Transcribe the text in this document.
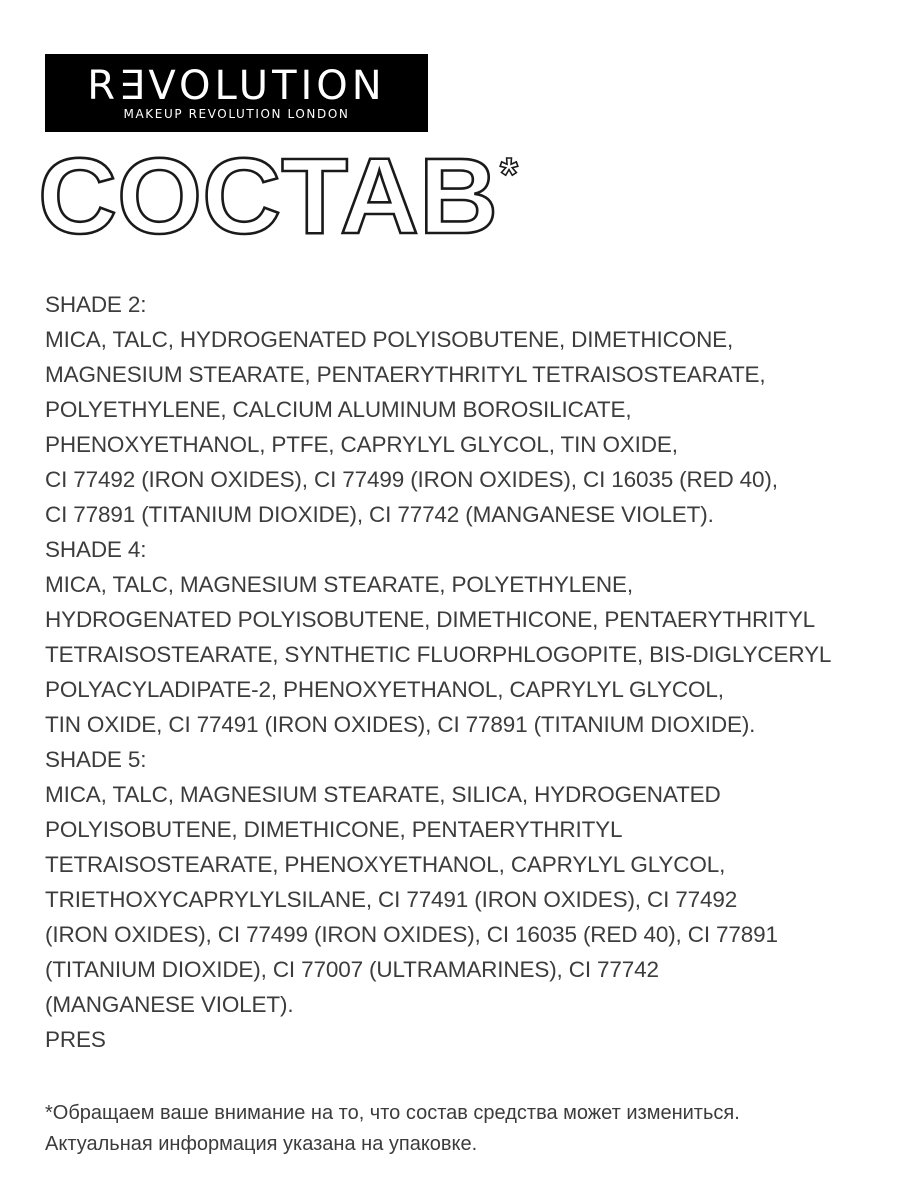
R∃VOLUTION
MAKEUP REVOLUTION LONDON
COCTAB *
SHADE 2:
MICA, TALC, HYDROGENATED POLYISOBUTENE, DIMETHICONE,
MAGNESIUM STEARATE, PENTAERYTHRITYL TETRAISOSTEARATE,
POLYETHYLENE, CALCIUM ALUMINUM BOROSILICATE,
PHENOXYETHANOL, PTFE, CAPRYLYL GLYCOL, TIN OXIDE,
CI 77492 (IRON OXIDES), CI 77499 (IRON OXIDES), CI 16035 (RED 40),
CI 77891 (TITANIUM DIOXIDE), CI 77742 (MANGANESE VIOLET).
SHADE 4:
MICA, TALC, MAGNESIUM STEARATE, POLYETHYLENE,
HYDROGENATED POLYISOBUTENE, DIMETHICONE, PENTAERYTHRITYL
TETRAISOSTEARATE, SYNTHETIC FLUORPHLOGOPITE, BIS-DIGLYCERYL
POLYACYLADIPATE-2, PHENOXYETHANOL, CAPRYLYL GLYCOL,
TIN OXIDE, CI 77491 (IRON OXIDES), CI 77891 (TITANIUM DIOXIDE).
SHADE 5:
MICA, TALC, MAGNESIUM STEARATE, SILICA, HYDROGENATED
POLYISOBUTENE, DIMETHICONE, PENTAERYTHRITYL
TETRAISOSTEARATE, PHENOXYETHANOL, CAPRYLYL GLYCOL,
TRIETHOXYCAPRYLYLSILANE, CI 77491 (IRON OXIDES), CI 77492
(IRON OXIDES), CI 77499 (IRON OXIDES), CI 16035 (RED 40), CI 77891
(TITANIUM DIOXIDE), CI 77007 (ULTRAMARINES), CI 77742
(MANGANESE VIOLET).
PRES
*Обращаем ваше внимание на то, что состав средства может измениться.
Актуальная информация указана на упаковке.
